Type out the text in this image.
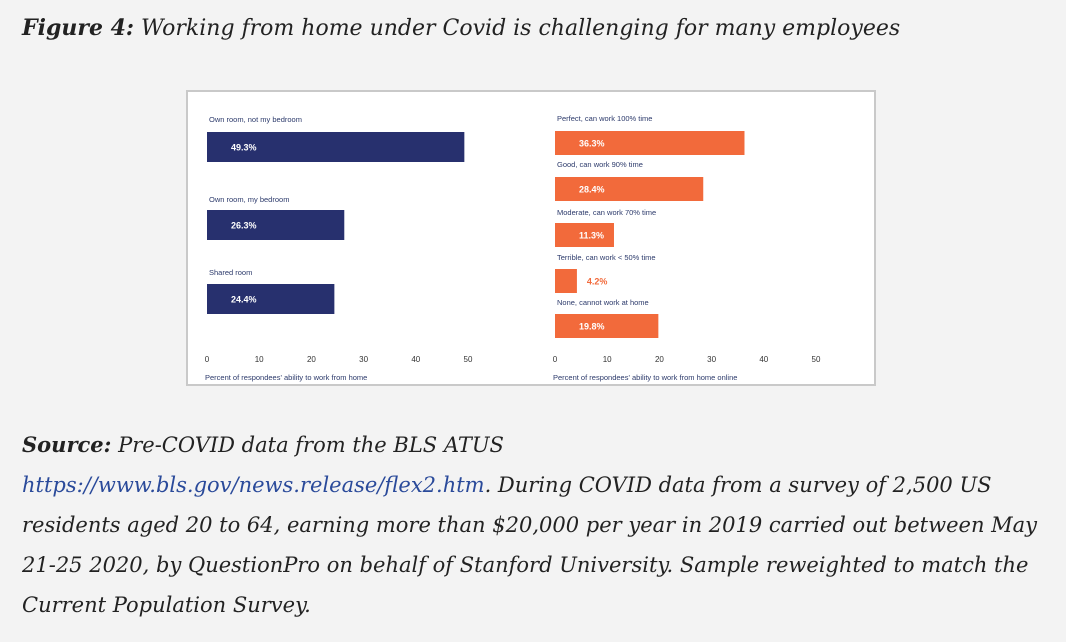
Figure 4: Working from home under Covid is challenging for many employees
Own room, not my bedroom
49.3%
Own room, my bedroom
26.3%
Shared room
24.4%
0	10	20	30	40	50
Percent of respondees' ability to work from home
Perfect, can work 100% time
36.3%
Good, can work 90% time
28.4%
Moderate, can work 70% time
11.3%
Terrible, can work < 50% time
4.2%
None, cannot work at home
19.8%
0	10	20	30	40	50
Percent of respondees' ability to work from home online
Source: Pre-COVID data from the BLS ATUS
https://www.bls.gov/news.release/flex2.htm. During COVID data from a survey of 2,500 US residents aged 20 to 64, earning more than $20,000 per year in 2019 carried out between May 21-25 2020, by QuestionPro on behalf of Stanford University. Sample reweighted to match the Current Population Survey.
